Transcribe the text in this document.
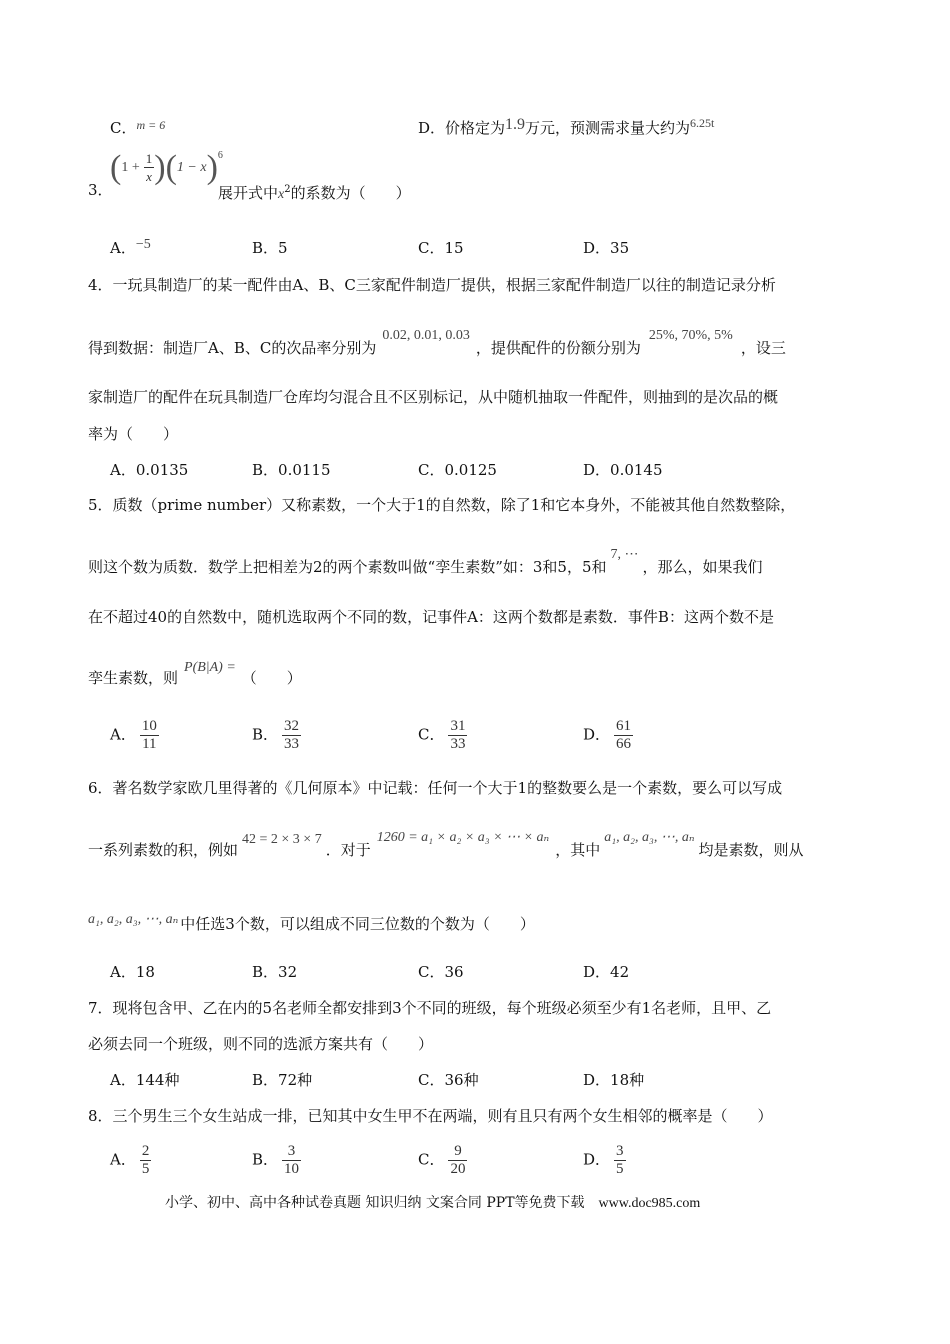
C．$^{m = 6}$	D．价格定为1.9万元，预测需求量大约为$^{6.25t}$
3．
( $1 + \frac{1}{x}$ ) ( 1 − x ) 6
展开式中$x^2$的系数为（　　）
A．−5	B．5	C．15	D．35
4．一玩具制造厂的某一配件由A、B、C三家配件制造厂提供，根据三家配件制造厂以往的制造记录分析
得到数据：制造厂A、B、C的次品率分别为0.02, 0.01, 0.03，提供配件的份额分别为25%, 70%, 5%，设三
家制造厂的配件在玩具制造厂仓库均匀混合且不区别标记，从中随机抽取一件配件，则抽到的是次品的概
率为（　　）
A．0.0135	B．0.0115	C．0.0125	D．0.0145
5．质数（prime number）又称素数，一个大于1的自然数，除了1和它本身外，不能被其他自然数整除，
则这个数为质数．数学上把相差为2的两个素数叫做“孪生素数”如：3和5，5和7, ⋯，那么，如果我们
在不超过40的自然数中，随机选取两个不同的数，记事件A：这两个数都是素数．事件B：这两个数不是
孪生素数，则P(B|A) =（　　）
A． $\frac{10}{11}$	B． $\frac{32}{33}$	C． $\frac{31}{33}$	D． $\frac{61}{66}$
6．著名数学家欧几里得著的《几何原本》中记载：任何一个大于1的整数要么是一个素数，要么可以写成
一系列素数的积，例如42 = 2 × 3 × 7．对于1260 = a₁ × a₂ × a₃ × ⋯ × aₙ，其中a₁, a₂, a₃, ⋯, aₙ均是素数，则从
a₁, a₂, a₃, ⋯, aₙ 中任选3个数，可以组成不同三位数的个数为（　　）
A．18	B．32	C．36	D．42
7．现将包含甲、乙在内的5名老师全都安排到3个不同的班级，每个班级必须至少有1名老师，且甲、乙
必须去同一个班级，则不同的选派方案共有（　　）
A．144种	B．72种	C．36种	D．18种
8．三个男生三个女生站成一排，已知其中女生甲不在两端，则有且只有两个女生相邻的概率是（　　）
A． $\frac{2}{5}$	B． $\frac{3}{10}$	C． $\frac{9}{20}$	D． $\frac{3}{5}$
小学、初中、高中各种试卷真题 知识归纳 文案合同 PPT等免费下载 www.doc985.com
